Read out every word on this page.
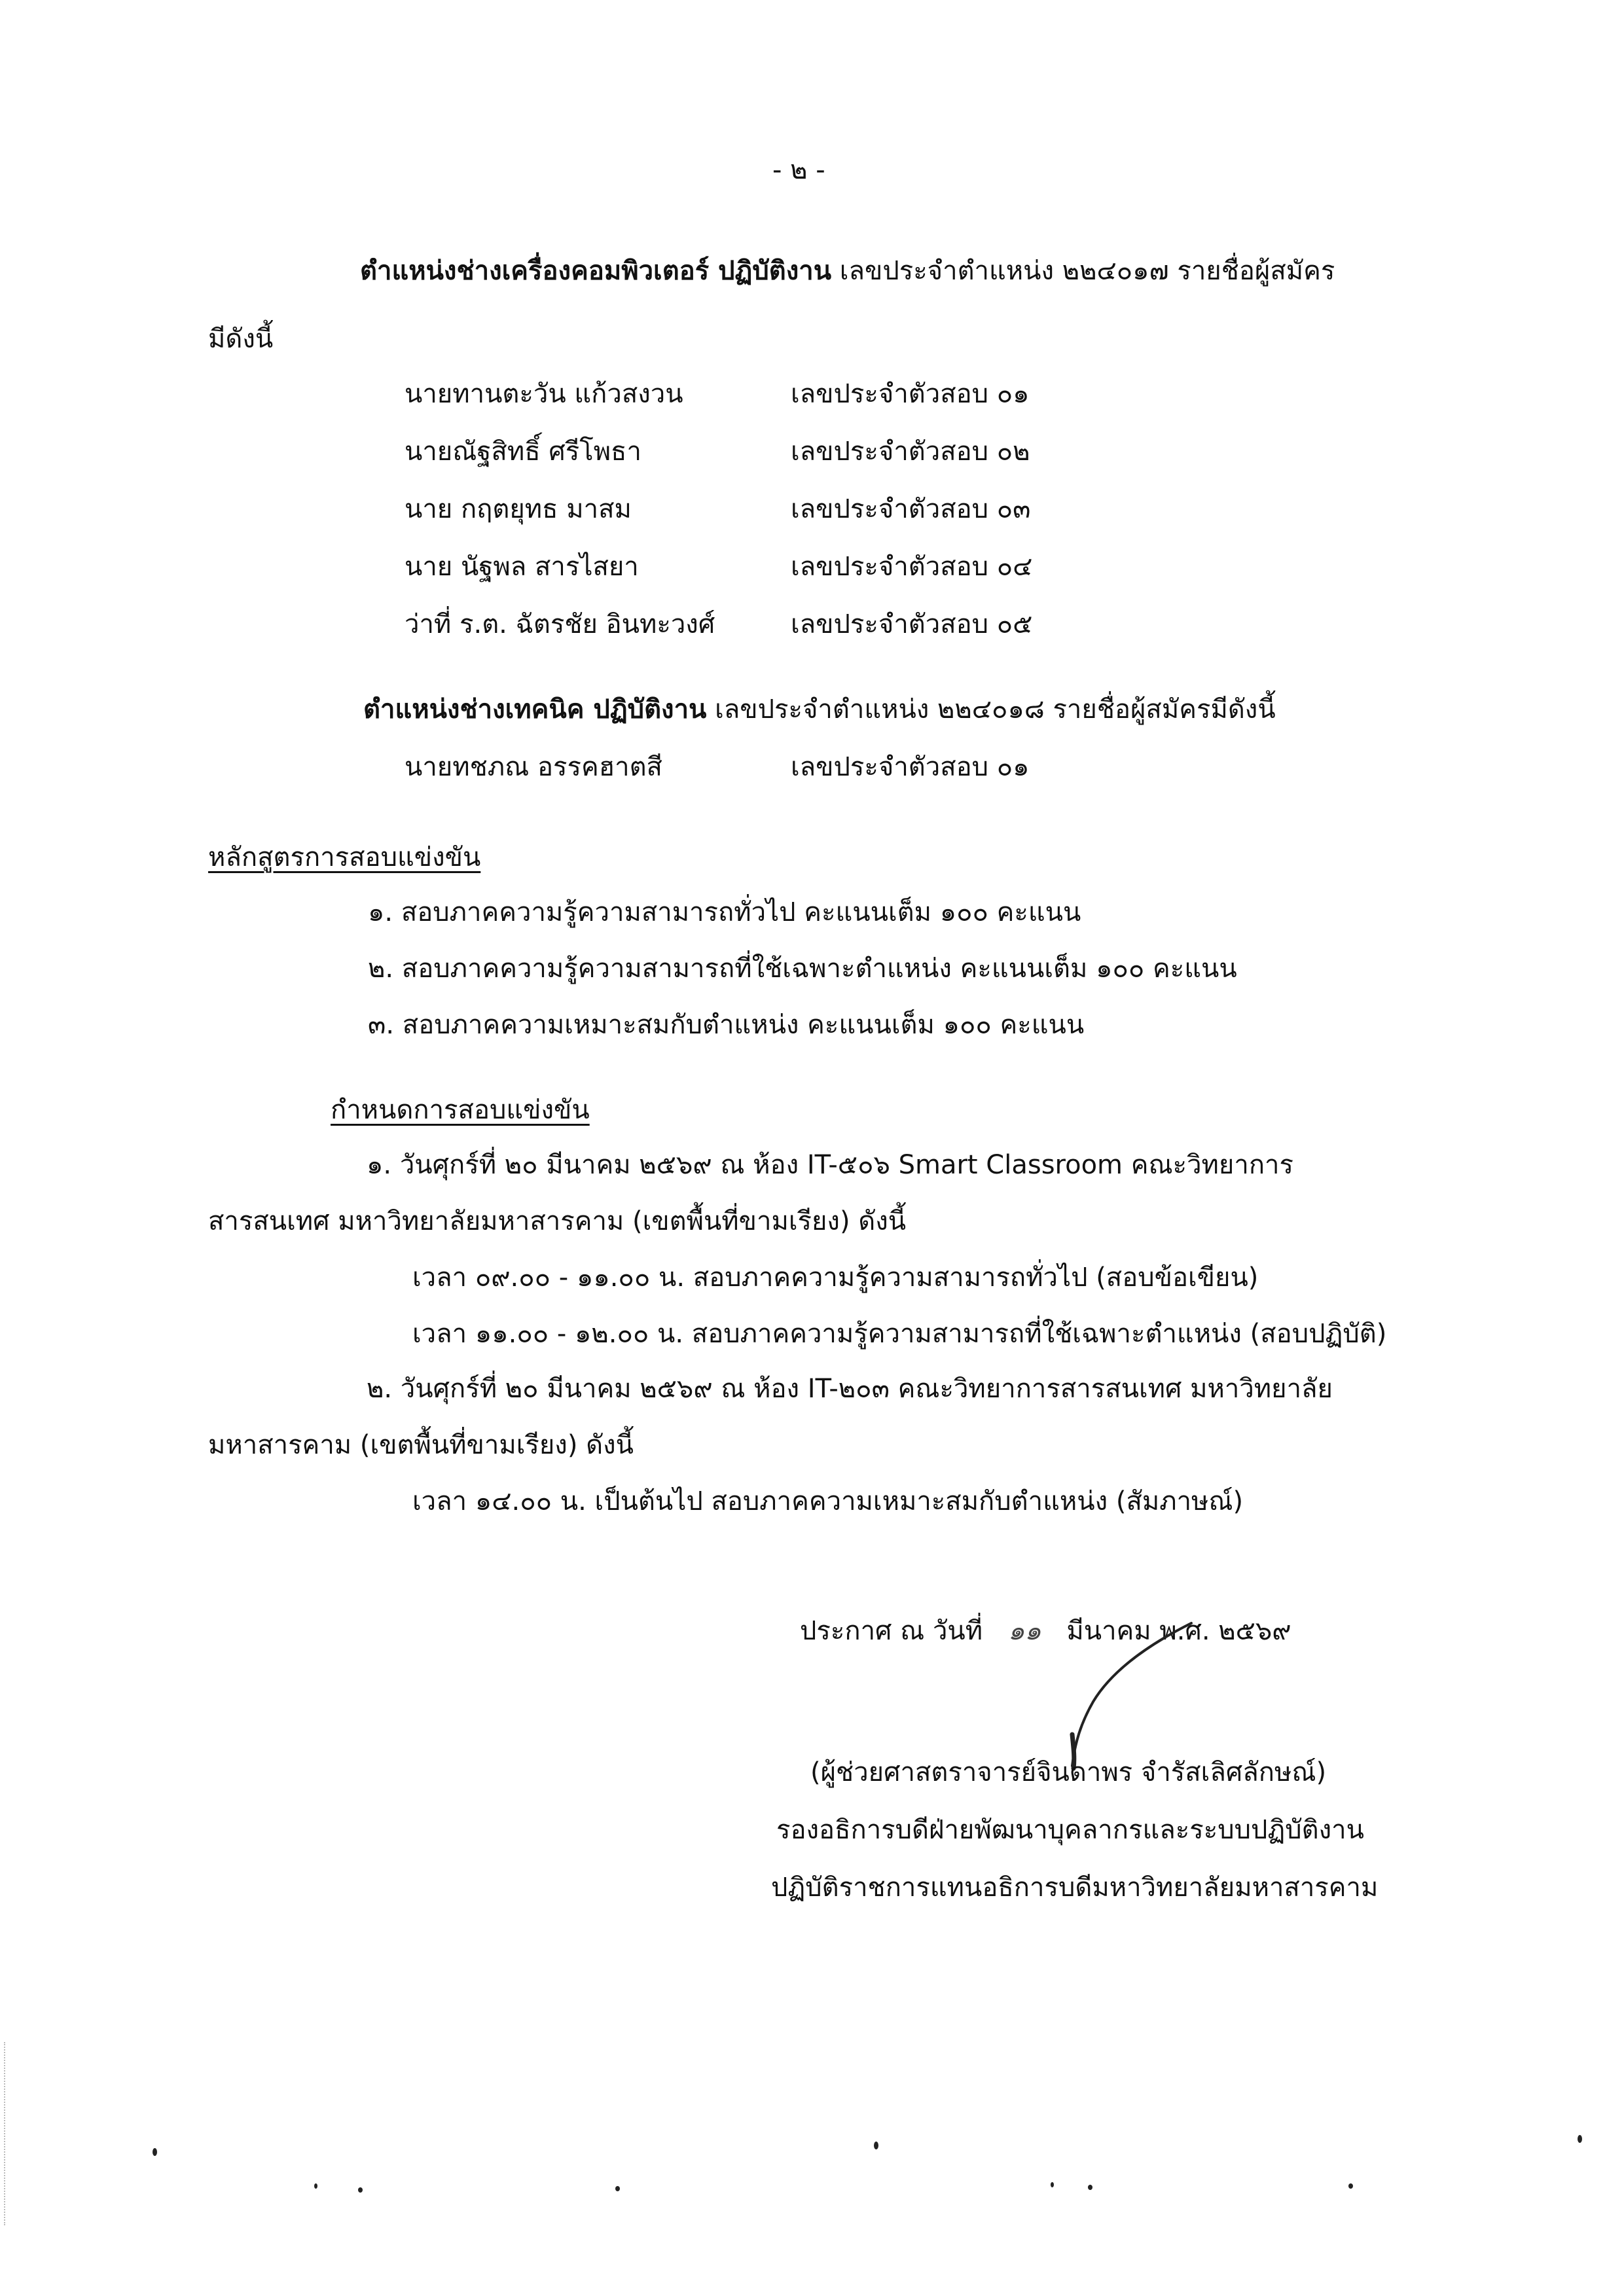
- ๒ -
ตำแหน่งช่างเครื่องคอมพิวเตอร์ ปฏิบัติงาน เลขประจำตำแหน่ง ๒๒๔๐๑๗ รายชื่อผู้สมัคร
มีดังนี้
นายทานตะวัน แก้วสงวน	เลขประจำตัวสอบ ๐๑
นายณัฐสิทธิ์ ศรีโพธา	เลขประจำตัวสอบ ๐๒
นาย กฤตยุทธ มาสม	เลขประจำตัวสอบ ๐๓
นาย นัฐพล สารไสยา	เลขประจำตัวสอบ ๐๔
ว่าที่ ร.ต. ฉัตรชัย อินทะวงศ์	เลขประจำตัวสอบ ๐๕
ตำแหน่งช่างเทคนิค ปฏิบัติงาน เลขประจำตำแหน่ง ๒๒๔๐๑๘ รายชื่อผู้สมัครมีดังนี้
นายทชภณ อรรคฮาตสี	เลขประจำตัวสอบ ๐๑
หลักสูตรการสอบแข่งขัน
๑. สอบภาคความรู้ความสามารถทั่วไป คะแนนเต็ม ๑๐๐ คะแนน
๒. สอบภาคความรู้ความสามารถที่ใช้เฉพาะตำแหน่ง คะแนนเต็ม ๑๐๐ คะแนน
๓. สอบภาคความเหมาะสมกับตำแหน่ง คะแนนเต็ม ๑๐๐ คะแนน
กำหนดการสอบแข่งขัน
๑. วันศุกร์ที่ ๒๐ มีนาคม ๒๕๖๙ ณ ห้อง IT-๕๐๖ Smart Classroom คณะวิทยาการ
สารสนเทศ มหาวิทยาลัยมหาสารคาม (เขตพื้นที่ขามเรียง) ดังนี้
เวลา ๐๙.๐๐ - ๑๑.๐๐ น. สอบภาคความรู้ความสามารถทั่วไป (สอบข้อเขียน)
เวลา ๑๑.๐๐ - ๑๒.๐๐ น. สอบภาคความรู้ความสามารถที่ใช้เฉพาะตำแหน่ง (สอบปฏิบัติ)
๒. วันศุกร์ที่ ๒๐ มีนาคม ๒๕๖๙ ณ ห้อง IT-๒๐๓ คณะวิทยาการสารสนเทศ มหาวิทยาลัย
มหาสารคาม (เขตพื้นที่ขามเรียง) ดังนี้
เวลา ๑๔.๐๐ น. เป็นต้นไป สอบภาคความเหมาะสมกับตำแหน่ง (สัมภาษณ์)
ประกาศ ณ วันที่ ๑๑ มีนาคม พ.ศ. ๒๕๖๙
(ผู้ช่วยศาสตราจารย์จินดาพร จำรัสเลิศลักษณ์)
รองอธิการบดีฝ่ายพัฒนาบุคลากรและระบบปฏิบัติงาน
ปฏิบัติราชการแทนอธิการบดีมหาวิทยาลัยมหาสารคาม
